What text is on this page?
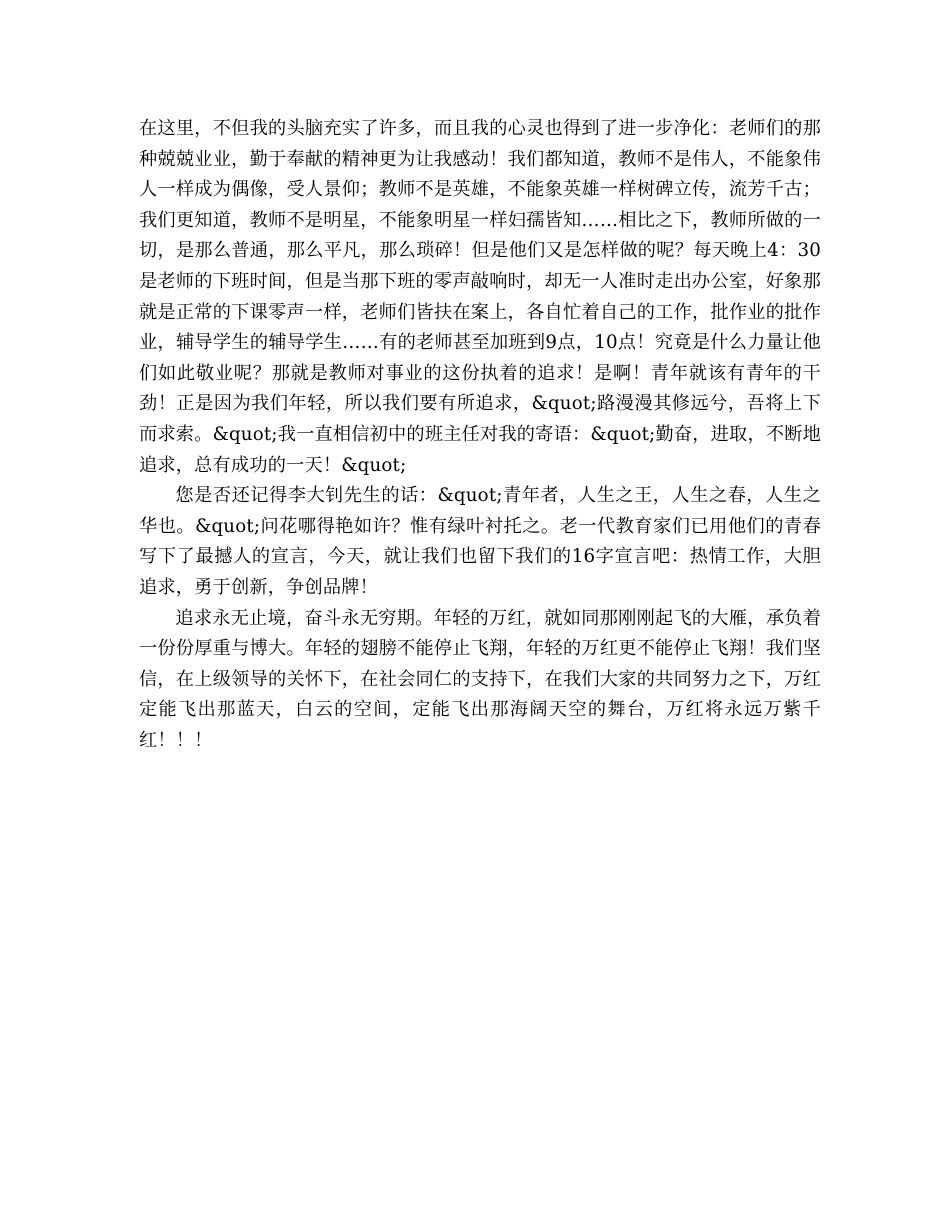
在这里，不但我的头脑充实了许多，而且我的心灵也得到了进一步净化：老师们的那种兢兢业业，勤于奉献的精神更为让我感动！我们都知道，教师不是伟人，不能象伟人一样成为偶像，受人景仰；教师不是英雄，不能象英雄一样树碑立传，流芳千古；我们更知道，教师不是明星，不能象明星一样妇孺皆知……相比之下，教师所做的一切，是那么普通，那么平凡，那么琐碎！但是他们又是怎样做的呢？每天晚上4：30是老师的下班时间，但是当那下班的零声敲响时，却无一人准时走出办公室，好象那就是正常的下课零声一样，老师们皆扶在案上，各自忙着自己的工作，批作业的批作业，辅导学生的辅导学生……有的老师甚至加班到9点，10点！究竟是什么力量让他们如此敬业呢？那就是教师对事业的这份执着的追求！是啊！青年就该有青年的干劲！正是因为我们年轻，所以我们要有所追求，&quot;路漫漫其修远兮，吾将上下而求索。&quot;我一直相信初中的班主任对我的寄语：&quot;勤奋，进取，不断地追求，总有成功的一天！&quot;

您是否还记得李大钊先生的话：&quot;青年者，人生之王，人生之春，人生之华也。&quot;问花哪得艳如许？惟有绿叶衬托之。老一代教育家们已用他们的青春写下了最撼人的宣言，今天，就让我们也留下我们的16字宣言吧：热情工作，大胆追求，勇于创新，争创品牌！

追求永无止境，奋斗永无穷期。年轻的万红，就如同那刚刚起飞的大雁，承负着一份份厚重与博大。年轻的翅膀不能停止飞翔，年轻的万红更不能停止飞翔！我们坚信，在上级领导的关怀下，在社会同仁的支持下，在我们大家的共同努力之下，万红定能飞出那蓝天，白云的空间，定能飞出那海阔天空的舞台，万红将永远万紫千红！！！
